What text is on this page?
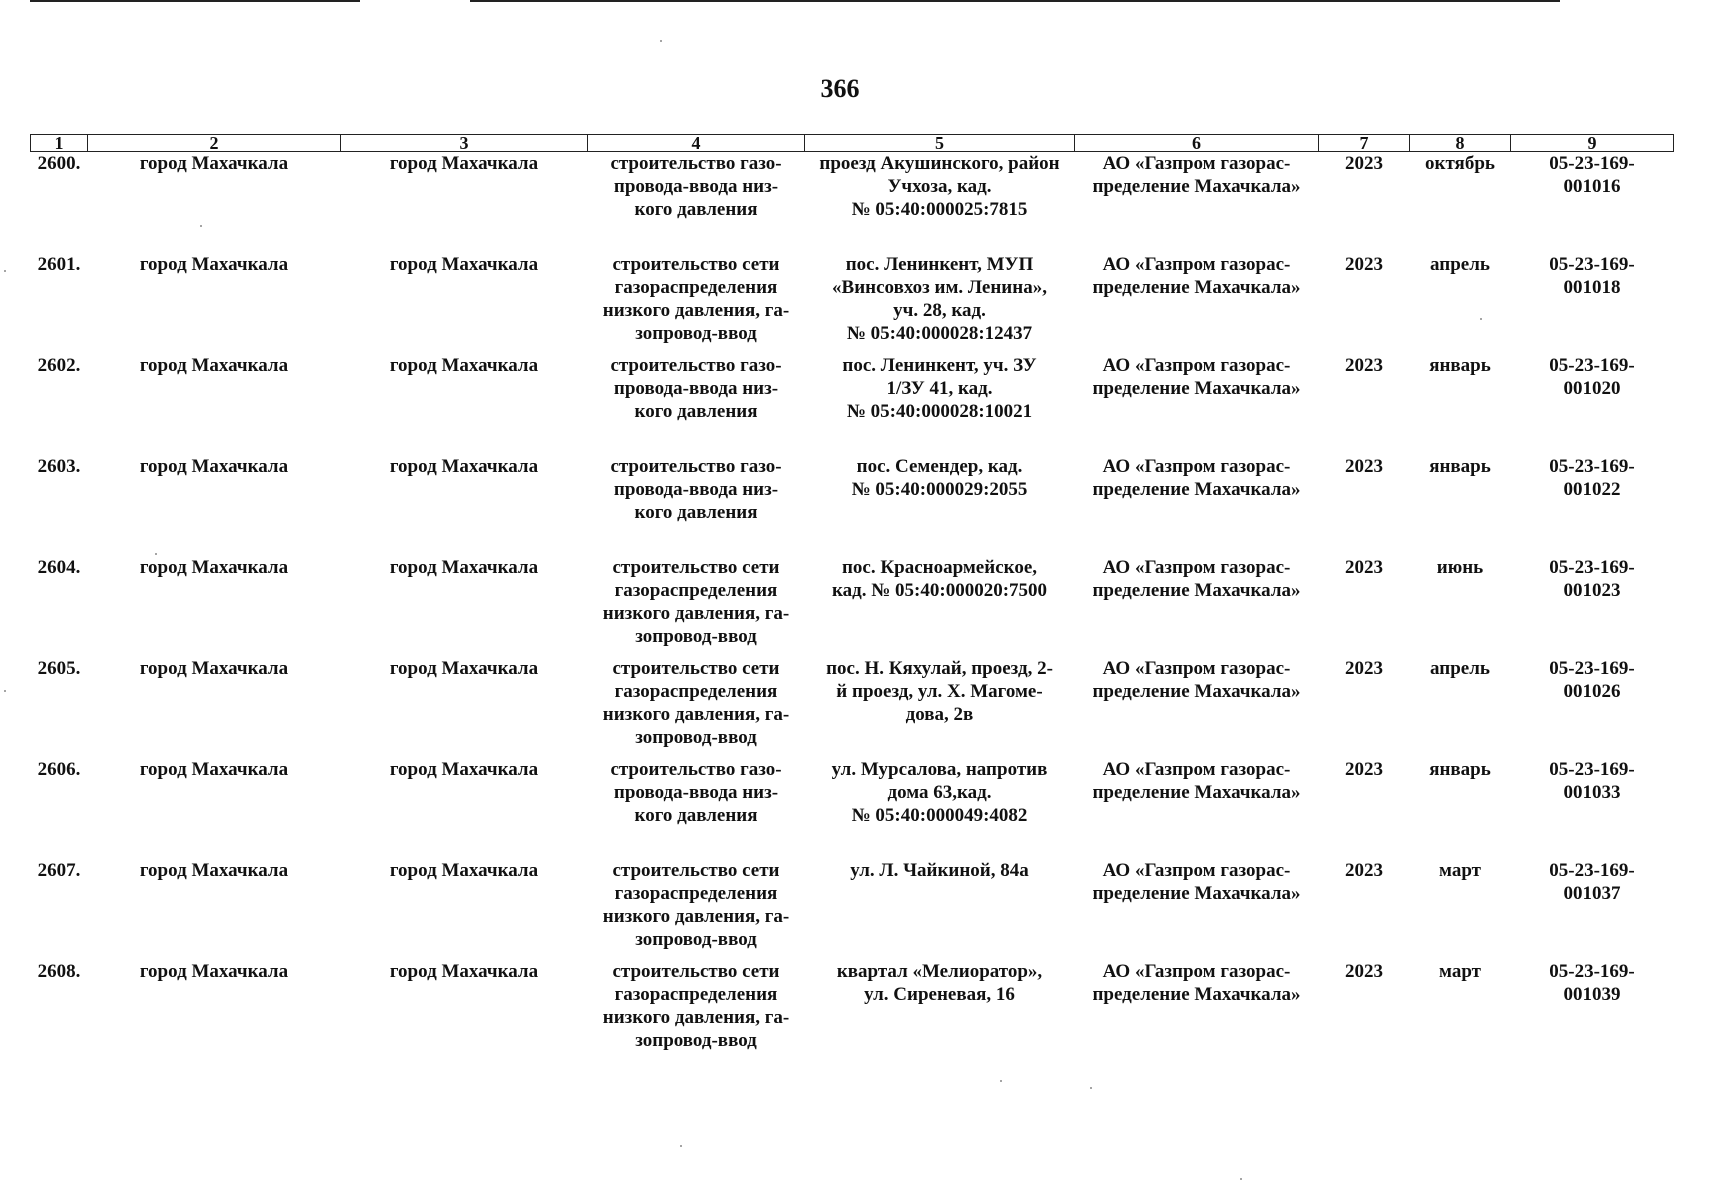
366
1	2	3	4	5	6	7	8	9
2600.	город Махачкала	город Махачкала	строительство газо-
провода-ввода низ-
кого давления	проезд Акушинского, район
Учхоза, кад.
№ 05:40:000025:7815	АО «Газпром газорас-
пределение Махачкала»	2023	октябрь	05-23-169-
001016
2601.	город Махачкала	город Махачкала	строительство сети
газораспределения
низкого давления, га-
зопровод-ввод	пос. Ленинкент, МУП
«Винсовхоз им. Ленина»,
уч. 28, кад.
№ 05:40:000028:12437	АО «Газпром газорас-
пределение Махачкала»	2023	апрель	05-23-169-
001018
2602.	город Махачкала	город Махачкала	строительство газо-
провода-ввода низ-
кого давления	пос. Ленинкент, уч. ЗУ
1/ЗУ 41, кад.
№ 05:40:000028:10021	АО «Газпром газорас-
пределение Махачкала»	2023	январь	05-23-169-
001020
2603.	город Махачкала	город Махачкала	строительство газо-
провода-ввода низ-
кого давления	пос. Семендер, кад.
№ 05:40:000029:2055	АО «Газпром газорас-
пределение Махачкала»	2023	январь	05-23-169-
001022
2604.	город Махачкала	город Махачкала	строительство сети
газораспределения
низкого давления, га-
зопровод-ввод	пос. Красноармейское,
кад. № 05:40:000020:7500	АО «Газпром газорас-
пределение Махачкала»	2023	июнь	05-23-169-
001023
2605.	город Махачкала	город Махачкала	строительство сети
газораспределения
низкого давления, га-
зопровод-ввод	пос. Н. Кяхулай, проезд, 2-
й проезд, ул. Х. Магоме-
дова, 2в	АО «Газпром газорас-
пределение Махачкала»	2023	апрель	05-23-169-
001026
2606.	город Махачкала	город Махачкала	строительство газо-
провода-ввода низ-
кого давления	ул. Мурсалова, напротив
дома 63,кад.
№ 05:40:000049:4082	АО «Газпром газорас-
пределение Махачкала»	2023	январь	05-23-169-
001033
2607.	город Махачкала	город Махачкала	строительство сети
газораспределения
низкого давления, га-
зопровод-ввод	ул. Л. Чайкиной, 84а	АО «Газпром газорас-
пределение Махачкала»	2023	март	05-23-169-
001037
2608.	город Махачкала	город Махачкала	строительство сети
газораспределения
низкого давления, га-
зопровод-ввод	квартал «Мелиоратор»,
ул. Сиреневая, 16	АО «Газпром газорас-
пределение Махачкала»	2023	март	05-23-169-
001039
